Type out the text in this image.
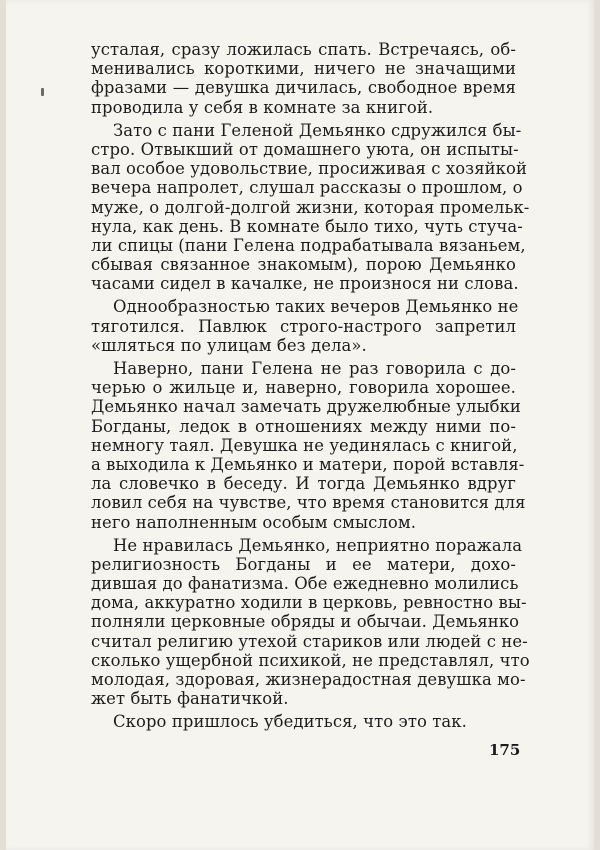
усталая, сразу ложилась спать. Встречаясь, об-
менивались короткими, ничего не значащими
фразами — девушка дичилась, свободное время
проводила у себя в комнате за книгой.
Зато с пани Геленой Демьянко сдружился бы-
стро. Отвыкший от домашнего уюта, он испыты-
вал особое удовольствие, просиживая с хозяйкой
вечера напролет, слушал рассказы о прошлом, о
муже, о долгой-долгой жизни, которая промельк-
нула, как день. В комнате было тихо, чуть стуча-
ли спицы (пани Гелена подрабатывала вязаньем,
сбывая связанное знакомым), порою Демьянко
часами сидел в качалке, не произнося ни слова.
Однообразностью таких вечеров Демьянко не
тяготился. Павлюк строго-настрого запретил
«шляться по улицам без дела».
Наверно, пани Гелена не раз говорила с до-
черью о жильце и, наверно, говорила хорошее.
Демьянко начал замечать дружелюбные улыбки
Богданы, ледок в отношениях между ними по-
немногу таял. Девушка не уединялась с книгой,
а выходила к Демьянко и матери, порой вставля-
ла словечко в беседу. И тогда Демьянко вдруг
ловил себя на чувстве, что время становится для
него наполненным особым смыслом.
Не нравилась Демьянко, неприятно поражала
религиозность Богданы и ее матери, дохо-
дившая до фанатизма. Обе ежедневно молились
дома, аккуратно ходили в церковь, ревностно вы-
полняли церковные обряды и обычаи. Демьянко
считал религию утехой стариков или людей с не-
сколько ущербной психикой, не представлял, что
молодая, здоровая, жизнерадостная девушка мо-
жет быть фанатичкой.
Скоро пришлось убедиться, что это так.
175
